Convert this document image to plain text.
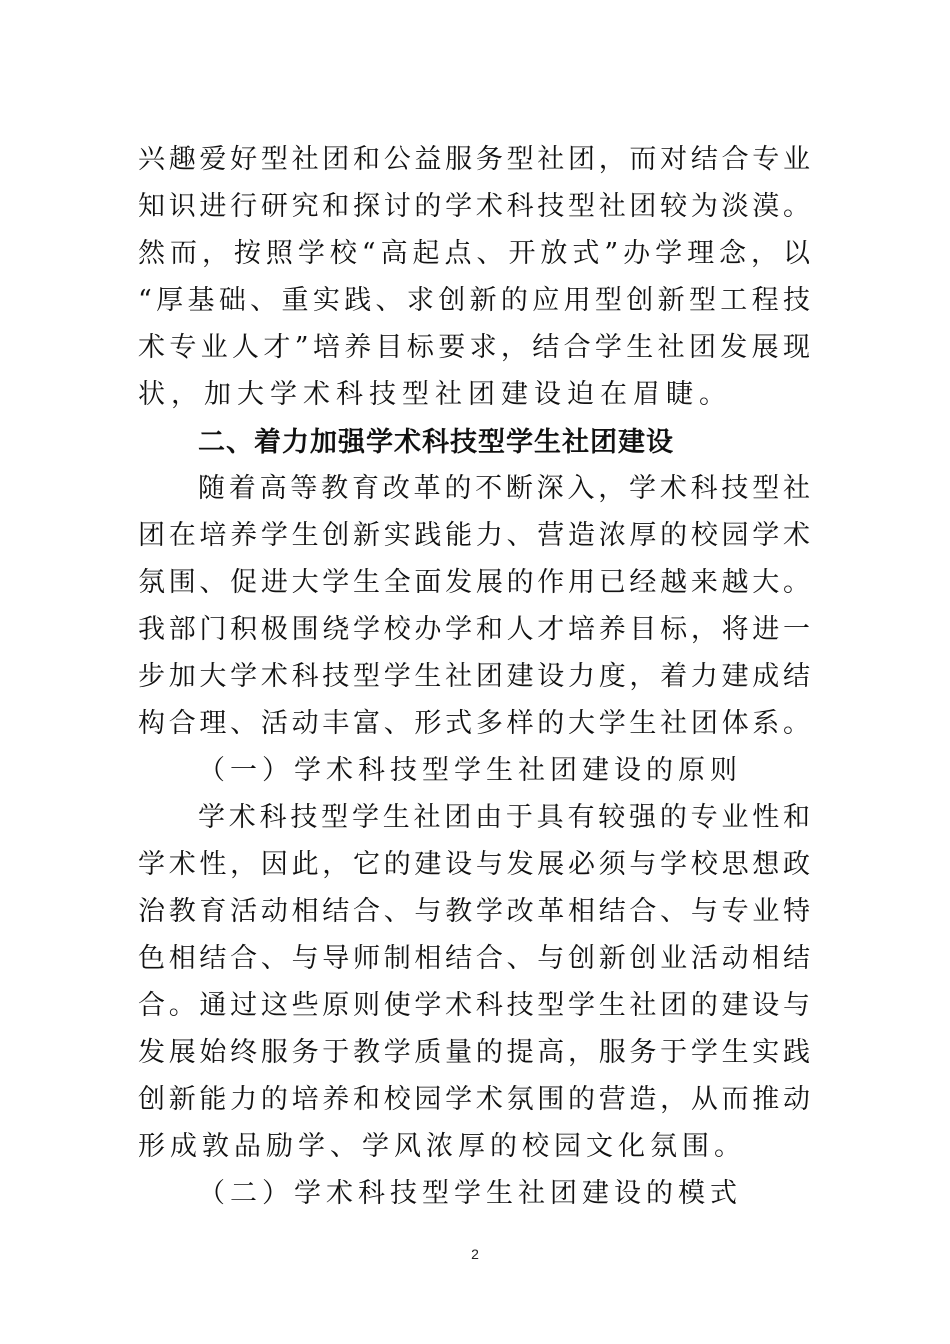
兴趣爱好型社团和公益服务型社团，而对结合专业
知识进行研究和探讨的学术科技型社团较为淡漠。
然而，按照学校“高起点、开放式”办学理念，以
“厚基础、重实践、求创新的应用型创新型工程技
术专业人才”培养目标要求，结合学生社团发展现
状，加大学术科技型社团建设迫在眉睫。
二、着力加强学术科技型学生社团建设
随着高等教育改革的不断深入，学术科技型社
团在培养学生创新实践能力、营造浓厚的校园学术
氛围、促进大学生全面发展的作用已经越来越大。
我部门积极围绕学校办学和人才培养目标，将进一
步加大学术科技型学生社团建设力度，着力建成结
构合理、活动丰富、形式多样的大学生社团体系。
（一）学术科技型学生社团建设的原则
学术科技型学生社团由于具有较强的专业性和
学术性，因此，它的建设与发展必须与学校思想政
治教育活动相结合、与教学改革相结合、与专业特
色相结合、与导师制相结合、与创新创业活动相结
合。通过这些原则使学术科技型学生社团的建设与
发展始终服务于教学质量的提高，服务于学生实践
创新能力的培养和校园学术氛围的营造，从而推动
形成敦品励学、学风浓厚的校园文化氛围。
（二）学术科技型学生社团建设的模式
2
